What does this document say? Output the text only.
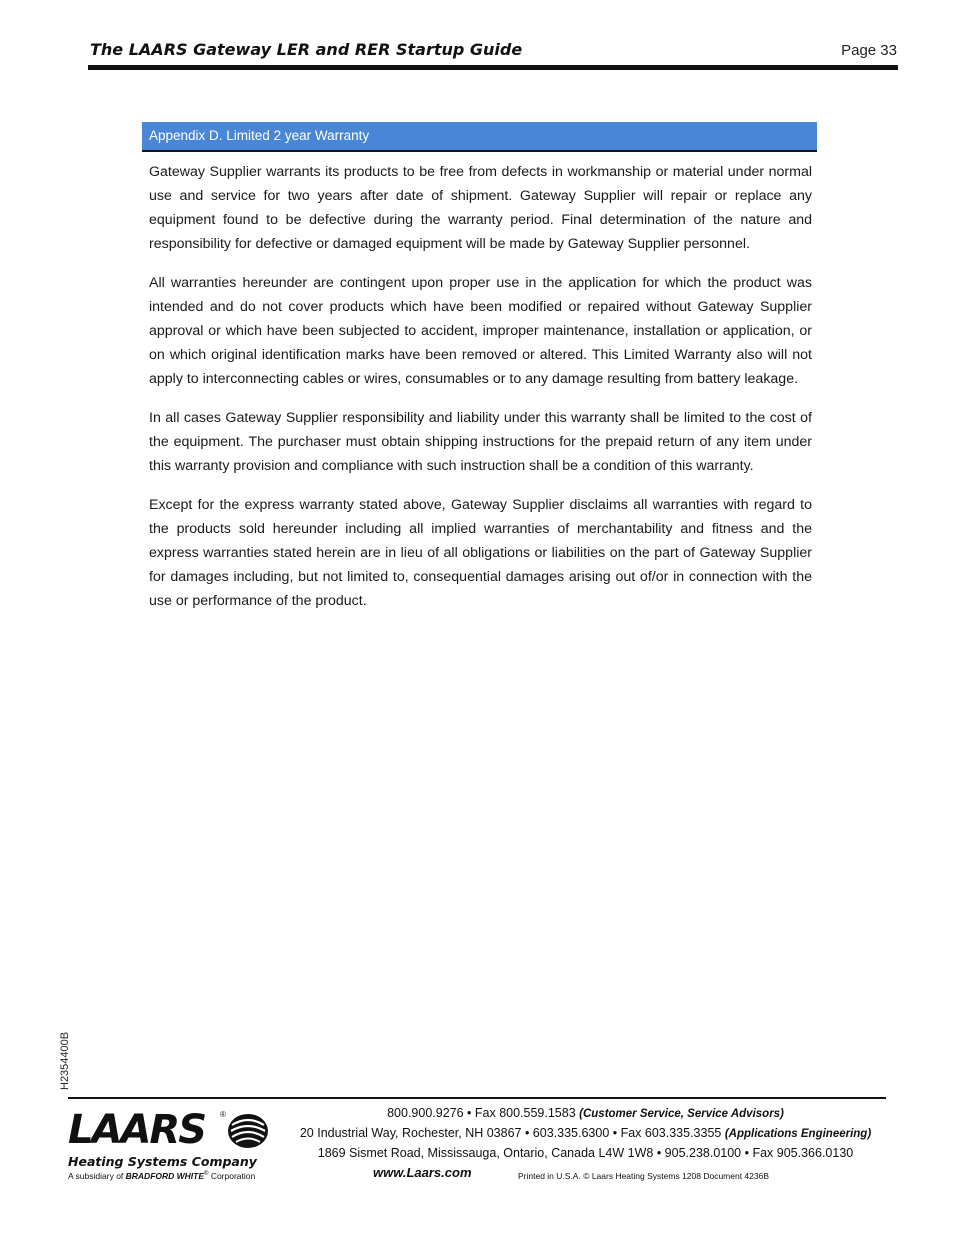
The LAARS Gateway LER and RER Startup Guide	Page 33
Appendix D. Limited 2 year Warranty

Gateway Supplier warrants its products to be free from defects in workmanship or material under normal use and service for two years after date of shipment. Gateway Supplier will repair or replace any equipment found to be defective during the warranty period. Final determination of the nature and responsibility for defective or damaged equipment will be made by Gateway Supplier personnel.

All warranties hereunder are contingent upon proper use in the application for which the product was intended and do not cover products which have been modified or repaired without Gateway Supplier approval or which have been subjected to accident, improper maintenance, installation or application, or on which original identification marks have been removed or altered. This Limited Warranty also will not apply to interconnecting cables or wires, consumables or to any damage resulting from battery leakage.

In all cases Gateway Supplier responsibility and liability under this warranty shall be limited to the cost of the equipment. The purchaser must obtain shipping instructions for the prepaid return of any item under this warranty provision and compliance with such instruction shall be a condition of this warranty.

Except for the express warranty stated above, Gateway Supplier disclaims all warranties with regard to the products sold hereunder including all implied warranties of merchantability and fitness and the express warranties stated herein are in lieu of all obligations or liabilities on the part of Gateway Supplier for damages including, but not limited to, consequential damages arising out of/or in connection with the use or performance of the product.

H2354400B
LAARS ®
Heating Systems Company
A subsidiary of BRADFORD WHITE® Corporation
800.900.9276 • Fax 800.559.1583 (Customer Service, Service Advisors)
20 Industrial Way, Rochester, NH 03867 • 603.335.6300 • Fax 603.335.3355 (Applications Engineering)
1869 Sismet Road, Mississauga, Ontario, Canada L4W 1W8 • 905.238.0100 • Fax 905.366.0130
www.Laars.com	Printed in U.S.A. © Laars Heating Systems 1208 Document 4236B
